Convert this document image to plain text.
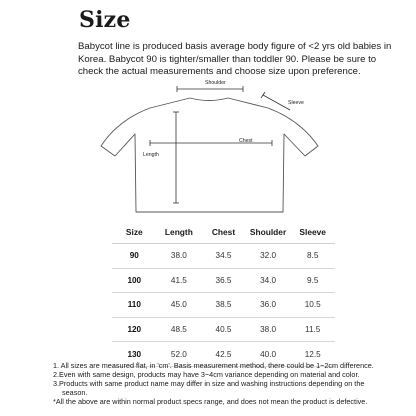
Size
Babycot line is produced basis average body figure of <2 yrs old babies in Korea. Babycot 90 is tighter/smaller than toddler 90. Please be sure to check the actual measurements and choose size upon preference.
Shoulder
Sleeve
Chest
Length
Size	Length	Chest	Shoulder	Sleeve
90	38.0	34.5	32.0	8.5
100	41.5	36.5	34.0	9.5
110	45.0	38.5	36.0	10.5
120	48.5	40.5	38.0	11.5
130	52.0	42.5	40.0	12.5
1. All sizes are measured flat, in 'cm'. Basis measurement method, there could be 1~2cm difference.
2.Even with same design, products may have 3~4cm variance depending on material and color.
3.Products with same product name may differ in size and washing instructions depending on the
season.
*All the above are within normal product specs range, and does not mean the product is defective.
